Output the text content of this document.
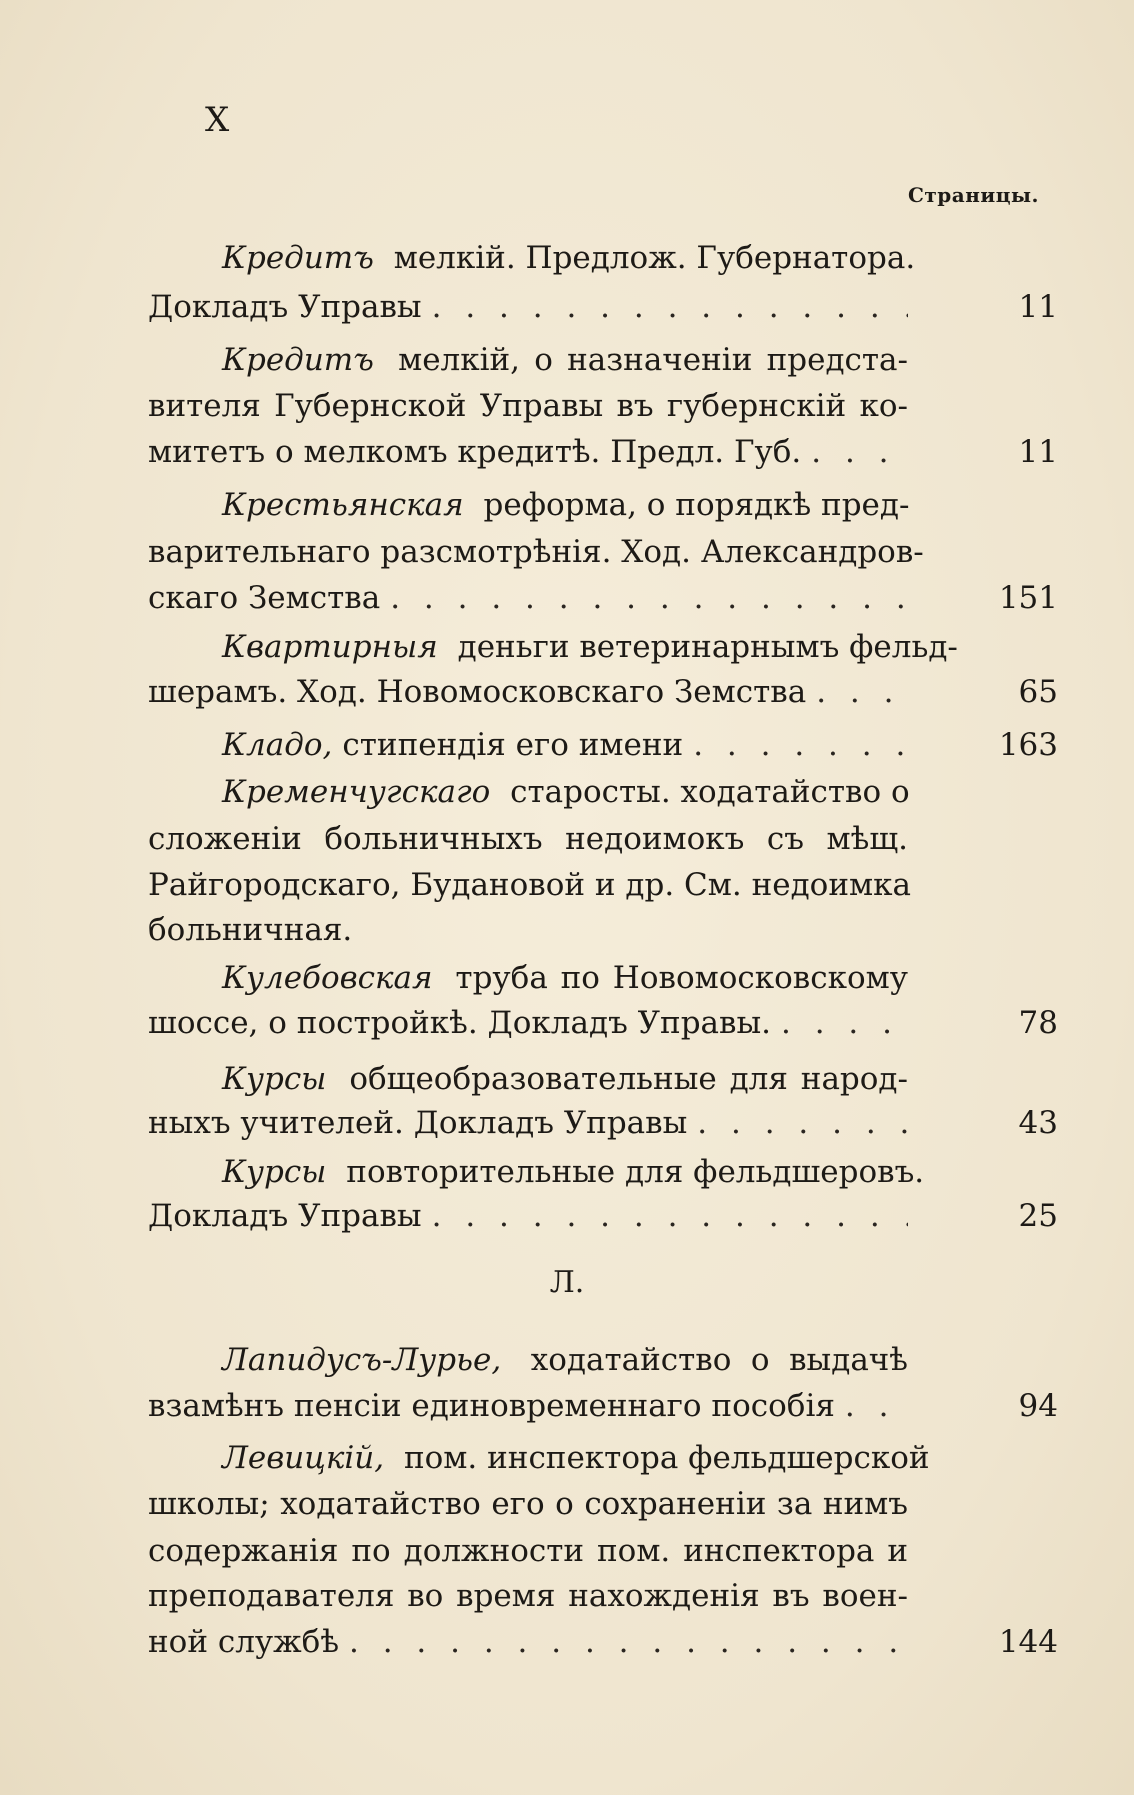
X
Страницы.
Кредитъ мелкій. Предлож. Губернатора.
Докладъ Управы . . .	11
Кредитъ мелкій, о назначеніи предста-
вителя Губернской Управы въ губернскій ко-
митетъ о мелкомъ кредитѣ. Предл. Губ. . . .	11
Крестьянская реформа, о порядкѣ пред-
варительнаго разсмотрѣнія. Ход. Александров-
скаго Земства . . .	151
Квартирныя деньги ветеринарнымъ фельд-
шерамъ. Ход. Новомосковскаго Земства . . .	65
Кладо, стипендія его имени . . .	163
Кременчугскаго старосты. ходатайство о
сложеніи больничныхъ недоимокъ съ мѣщ.
Райгородскаго, Будановой и др. См. недоимка
больничная.
Кулебовская труба по Новомосковскому
шоссе, о постройкѣ. Докладъ Управы. . . .	78
Курсы общеобразовательные для народ-
ныхъ учителей. Докладъ Управы . . .	43
Курсы повторительные для фельдшеровъ.
Докладъ Управы . . .	25
Л.
Лапидусъ-Лурье, ходатайство о выдачѣ
взамѣнъ пенсіи единовременнаго пособія . . .	94
Левицкій, пом. инспектора фельдшерской
школы; ходатайство его о сохраненіи за нимъ
содержанія по должности пом. инспектора и
преподавателя во время нахожденія въ воен-
ной службѣ . . .	144
